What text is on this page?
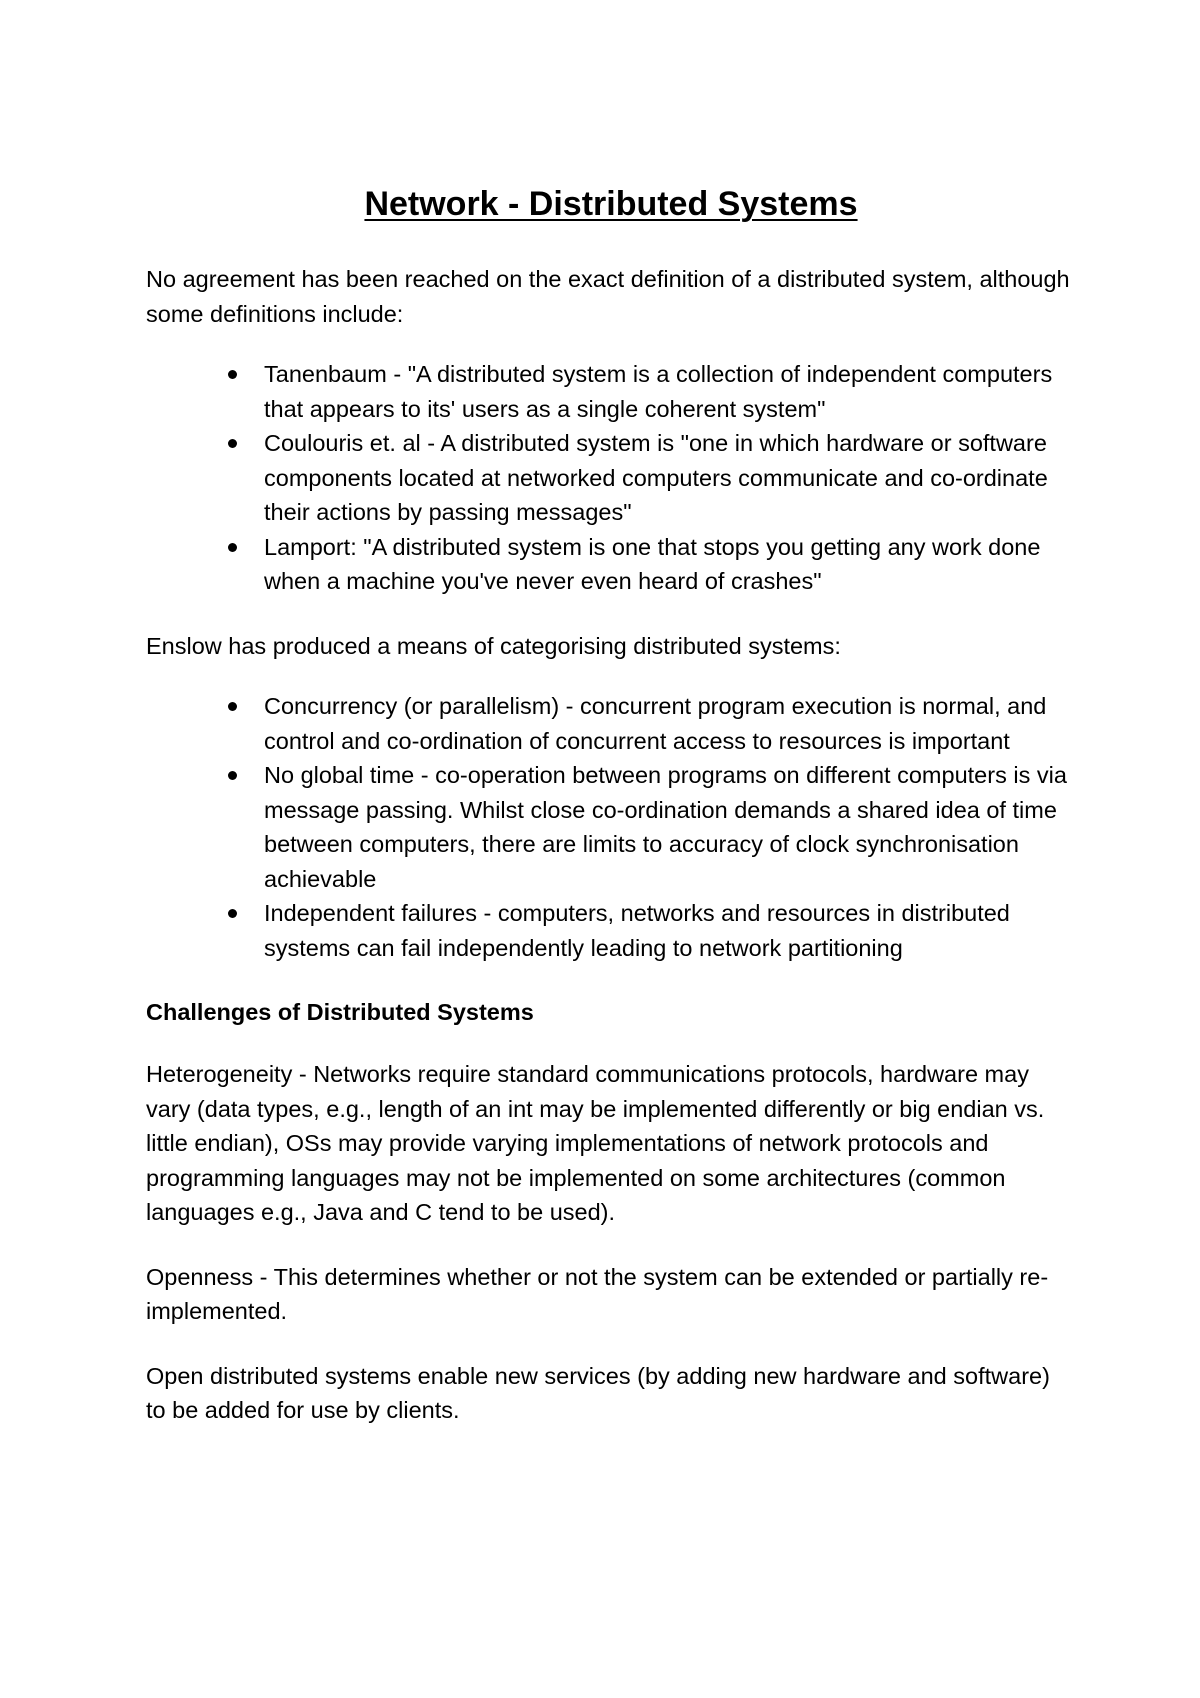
Network - Distributed Systems

No agreement has been reached on the exact definition of a distributed system, although some definitions include:

Tanenbaum - "A distributed system is a collection of independent computers that appears to its' users as a single coherent system"
Coulouris et. al - A distributed system is "one in which hardware or software components located at networked computers communicate and co-ordinate their actions by passing messages"
Lamport: "A distributed system is one that stops you getting any work done when a machine you've never even heard of crashes"

Enslow has produced a means of categorising distributed systems:

Concurrency (or parallelism) - concurrent program execution is normal, and control and co-ordination of concurrent access to resources is important
No global time - co-operation between programs on different computers is via message passing. Whilst close co-ordination demands a shared idea of time between computers, there are limits to accuracy of clock synchronisation achievable
Independent failures - computers, networks and resources in distributed systems can fail independently leading to network partitioning
Challenges of Distributed Systems

Heterogeneity - Networks require standard communications protocols, hardware may vary (data types, e.g., length of an int may be implemented differently or big endian vs. little endian), OSs may provide varying implementations of network protocols and programming languages may not be implemented on some architectures (common languages e.g., Java and C tend to be used).

Openness - This determines whether or not the system can be extended or partially re-implemented.

Open distributed systems enable new services (by adding new hardware and software) to be added for use by clients.
